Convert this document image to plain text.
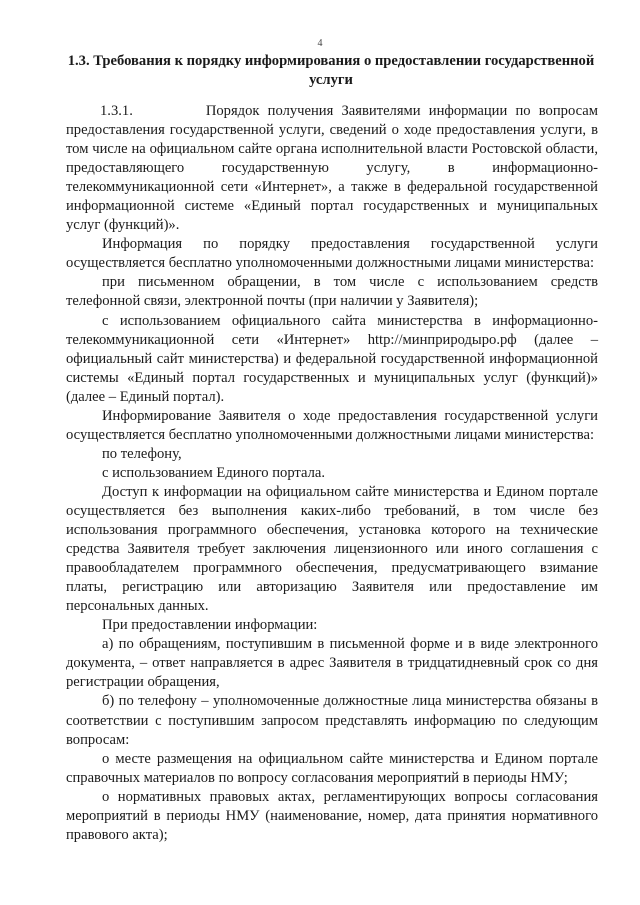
4
1.3. Требования к порядку информирования о предоставлении государственной услуги

1.3.1.     	Порядок получения Заявителями информации по вопросам предоставления государственной услуги, сведений о ходе предоставления услуги, в том числе на официальном сайте органа исполнительной власти Ростовской области, предоставляющего государственную услугу, в информационно-телекоммуникационной сети «Интернет», а также в федеральной государственной информационной системе «Единый портал государственных и муниципальных услуг (функций)».

Информация по порядку предоставления государственной услуги осуществляется бесплатно уполномоченными должностными лицами министерства:

при письменном обращении, в том числе с использованием средств телефонной связи, электронной почты (при наличии у Заявителя);

с использованием официального сайта министерства в информационно-телекоммуникационной сети «Интернет» http://минприродыро.рф (далее – официальный сайт министерства) и федеральной государственной информационной системы «Единый портал государственных и муниципальных услуг (функций)» (далее – Единый портал).

Информирование Заявителя о ходе предоставления государственной услуги осуществляется бесплатно уполномоченными должностными лицами министерства:

по телефону,

с использованием Единого портала.

Доступ к информации на официальном сайте министерства и Едином портале осуществляется без выполнения каких-либо требований, в том числе без использования программного обеспечения, установка которого на технические средства Заявителя требует заключения лицензионного или иного соглашения с правообладателем программного обеспечения, предусматривающего взимание платы, регистрацию или авторизацию Заявителя или предоставление им персональных данных.

При предоставлении информации:

а) по обращениям, поступившим в письменной форме и в виде электронного документа, – ответ направляется в адрес Заявителя в тридцатидневный срок со дня регистрации обращения,

б) по телефону – уполномоченные должностные лица министерства обязаны в соответствии с поступившим запросом представлять информацию по следующим вопросам:

о месте размещения на официальном сайте министерства и Едином портале справочных материалов по вопросу согласования мероприятий в периоды НМУ;

о нормативных правовых актах, регламентирующих вопросы согласования мероприятий в периоды НМУ (наименование, номер, дата принятия нормативного правового акта);
